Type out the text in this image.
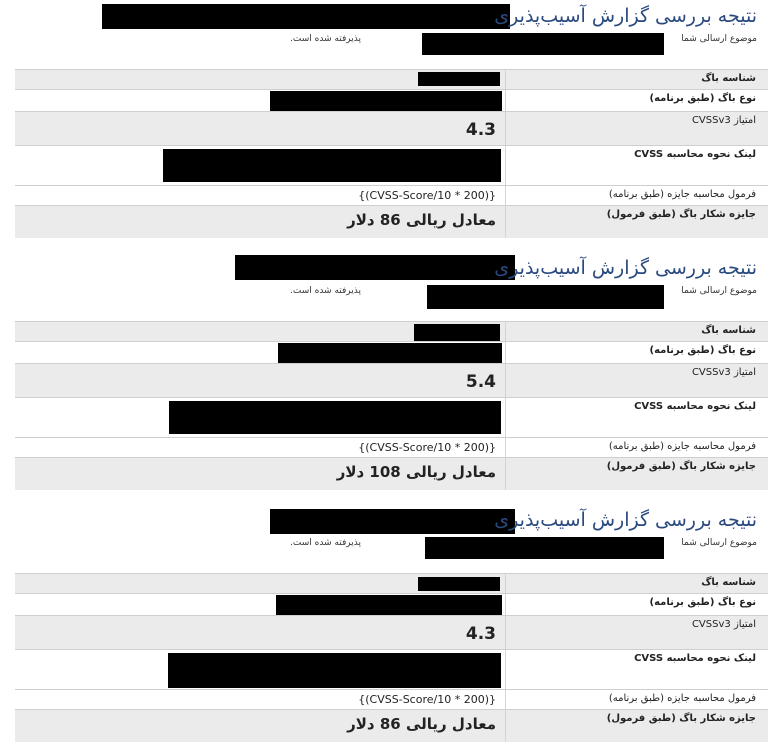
نتیجه بررسی گزارش آسیب‌پذیری
موضوع ارسالی شما
پذیرفته شده است.
شناسه باگ
نوع باگ (طبق برنامه)
امتیاز CVSSv3
4.3
لینک نحوه محاسبه CVSS
فرمول محاسبه جایزه (طبق برنامه)
{(CVSS-Score/10 * 200)}
جایزه شکار باگ (طبق فرمول)
معادل ریالی 86 دلار
نتیجه بررسی گزارش آسیب‌پذیری
موضوع ارسالی شما
پذیرفته شده است.
شناسه باگ
نوع باگ (طبق برنامه)
امتیاز CVSSv3
5.4
لینک نحوه محاسبه CVSS
فرمول محاسبه جایزه (طبق برنامه)
{(CVSS-Score/10 * 200)}
جایزه شکار باگ (طبق فرمول)
معادل ریالی 108 دلار
نتیجه بررسی گزارش آسیب‌پذیری
موضوع ارسالی شما
پذیرفته شده است.
شناسه باگ
نوع باگ (طبق برنامه)
امتیاز CVSSv3
4.3
لینک نحوه محاسبه CVSS
فرمول محاسبه جایزه (طبق برنامه)
{(CVSS-Score/10 * 200)}
جایزه شکار باگ (طبق فرمول)
معادل ریالی 86 دلار
